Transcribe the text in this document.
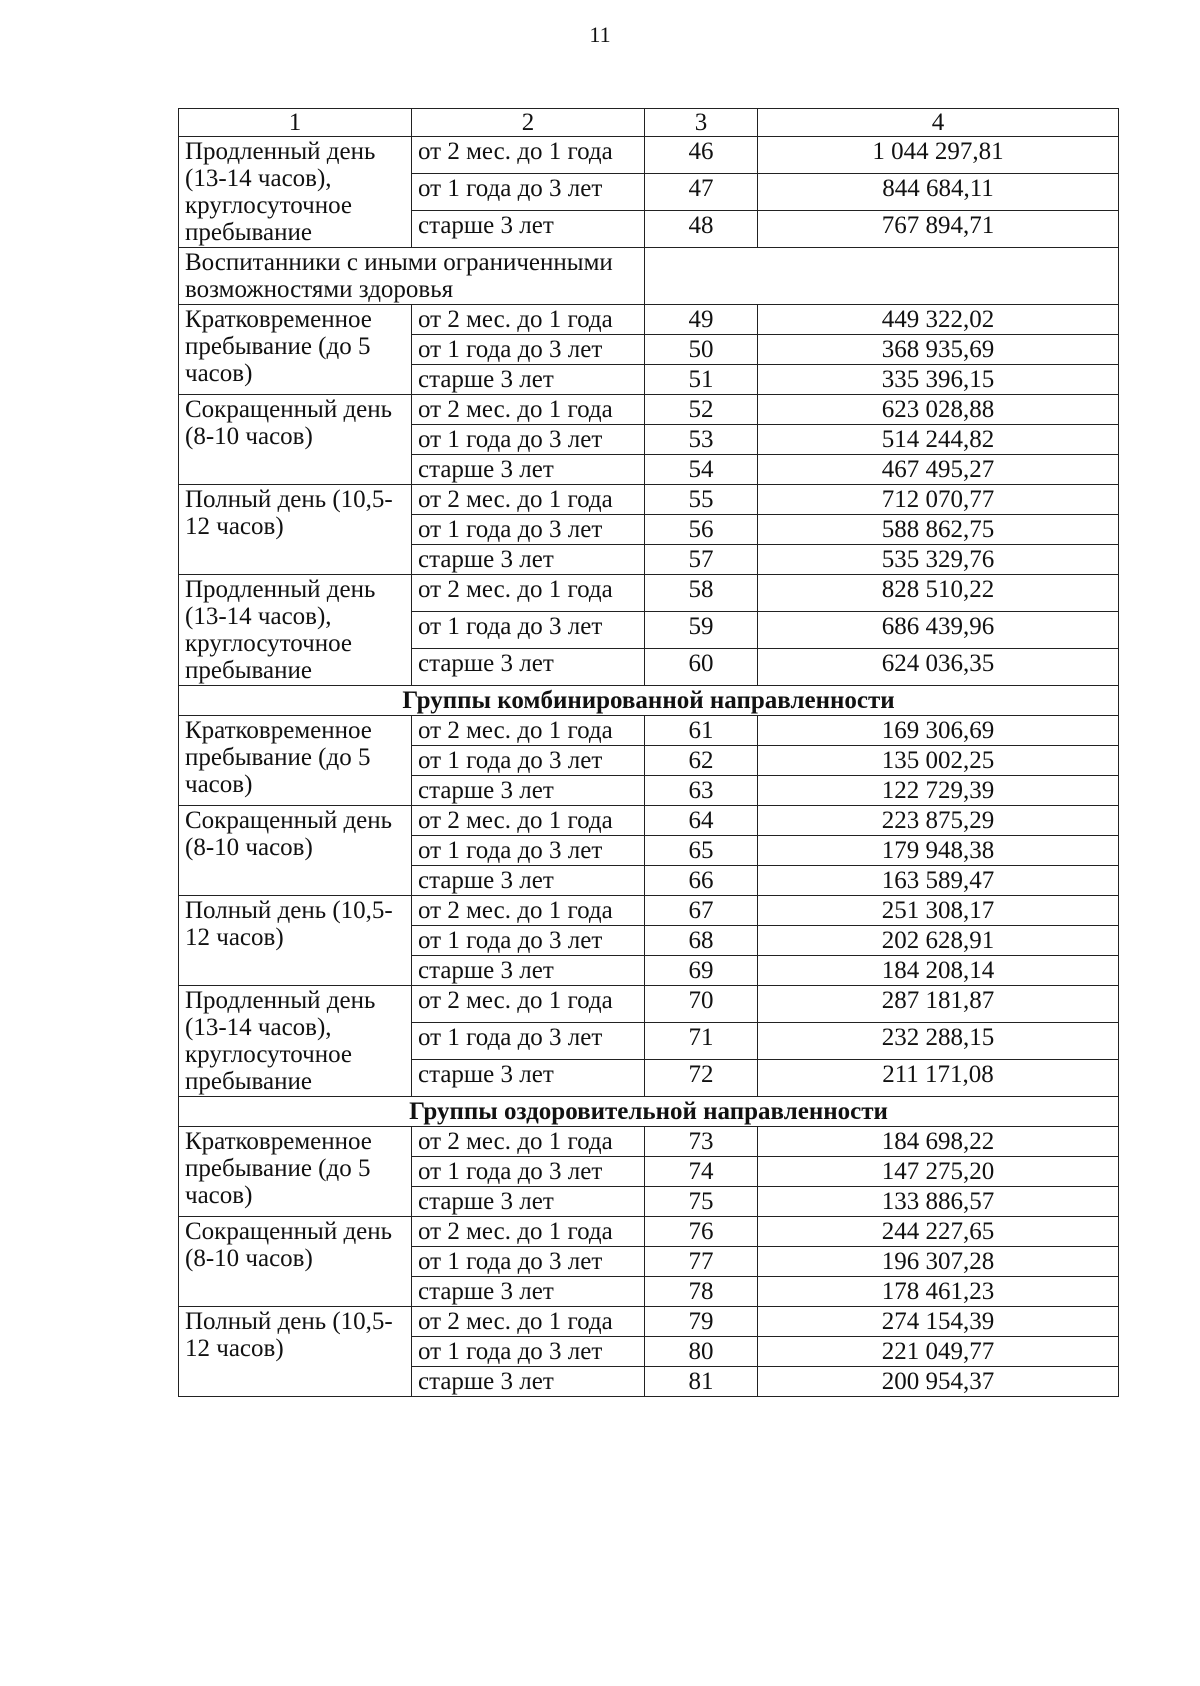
11
1	2	3	4
Продленный день (13-14 часов), круглосуточное пребывание	от 2 мес. до 1 года	46	1 044 297,81
	от 1 года до 3 лет	47	844 684,11
	старше 3 лет	48	767 894,71
Воспитанники с иными ограниченными возможностями здоровья			
Кратковременное пребывание (до 5 часов)	от 2 мес. до 1 года	49	449 322,02
	от 1 года до 3 лет	50	368 935,69
	старше 3 лет	51	335 396,15
Сокращенный день (8-10 часов)	от 2 мес. до 1 года	52	623 028,88
	от 1 года до 3 лет	53	514 244,82
	старше 3 лет	54	467 495,27
Полный день (10,5-12 часов)	от 2 мес. до 1 года	55	712 070,77
	от 1 года до 3 лет	56	588 862,75
	старше 3 лет	57	535 329,76
Продленный день (13-14 часов), круглосуточное пребывание	от 2 мес. до 1 года	58	828 510,22
	от 1 года до 3 лет	59	686 439,96
	старше 3 лет	60	624 036,35
Группы комбинированной направленности			
Кратковременное пребывание (до 5 часов)	от 2 мес. до 1 года	61	169 306,69
	от 1 года до 3 лет	62	135 002,25
	старше 3 лет	63	122 729,39
Сокращенный день (8-10 часов)	от 2 мес. до 1 года	64	223 875,29
	от 1 года до 3 лет	65	179 948,38
	старше 3 лет	66	163 589,47
Полный день (10,5-12 часов)	от 2 мес. до 1 года	67	251 308,17
	от 1 года до 3 лет	68	202 628,91
	старше 3 лет	69	184 208,14
Продленный день (13-14 часов), круглосуточное пребывание	от 2 мес. до 1 года	70	287 181,87
	от 1 года до 3 лет	71	232 288,15
	старше 3 лет	72	211 171,08
Группы оздоровительной направленности			
Кратковременное пребывание (до 5 часов)	от 2 мес. до 1 года	73	184 698,22
	от 1 года до 3 лет	74	147 275,20
	старше 3 лет	75	133 886,57
Сокращенный день (8-10 часов)	от 2 мес. до 1 года	76	244 227,65
	от 1 года до 3 лет	77	196 307,28
	старше 3 лет	78	178 461,23
Полный день (10,5-12 часов)	от 2 мес. до 1 года	79	274 154,39
	от 1 года до 3 лет	80	221 049,77
	старше 3 лет	81	200 954,37
